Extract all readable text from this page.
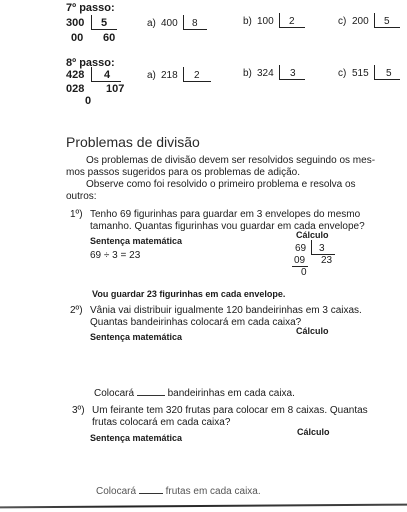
7º passo:
300 5
00 60
a) 400 8	b) 100 2	c) 200 5
8º passo:
428 4
028 107
0
a) 218 2	b) 324 3	c) 515 5
Problemas de divisão
Os problemas de divisão devem ser resolvidos seguindo os mes-
mos passos sugeridos para os problemas de adição.
Observe como foi resolvido o primeiro problema e resolva os
outros:
1º) Tenho 69 figurinhas para guardar em 3 envelopes do mesmo
tamanho. Quantas figurinhas vou guardar em cada envelope?
Sentença matemática
Cálculo
69 ÷ 3 = 23
69 3
09 23
0
Vou guardar 23 figurinhas em cada envelope.
2º) Vânia vai distribuir igualmente 120 bandeirinhas em 3 caixas.
Quantas bandeirinhas colocará em cada caixa?
Sentença matemática
Cálculo
Colocará	bandeirinhas em cada caixa.
3º) Um feirante tem 320 frutas para colocar em 8 caixas. Quantas
frutas colocará em cada caixa?
Sentença matemática
Cálculo
Colocará	frutas em cada caixa.
